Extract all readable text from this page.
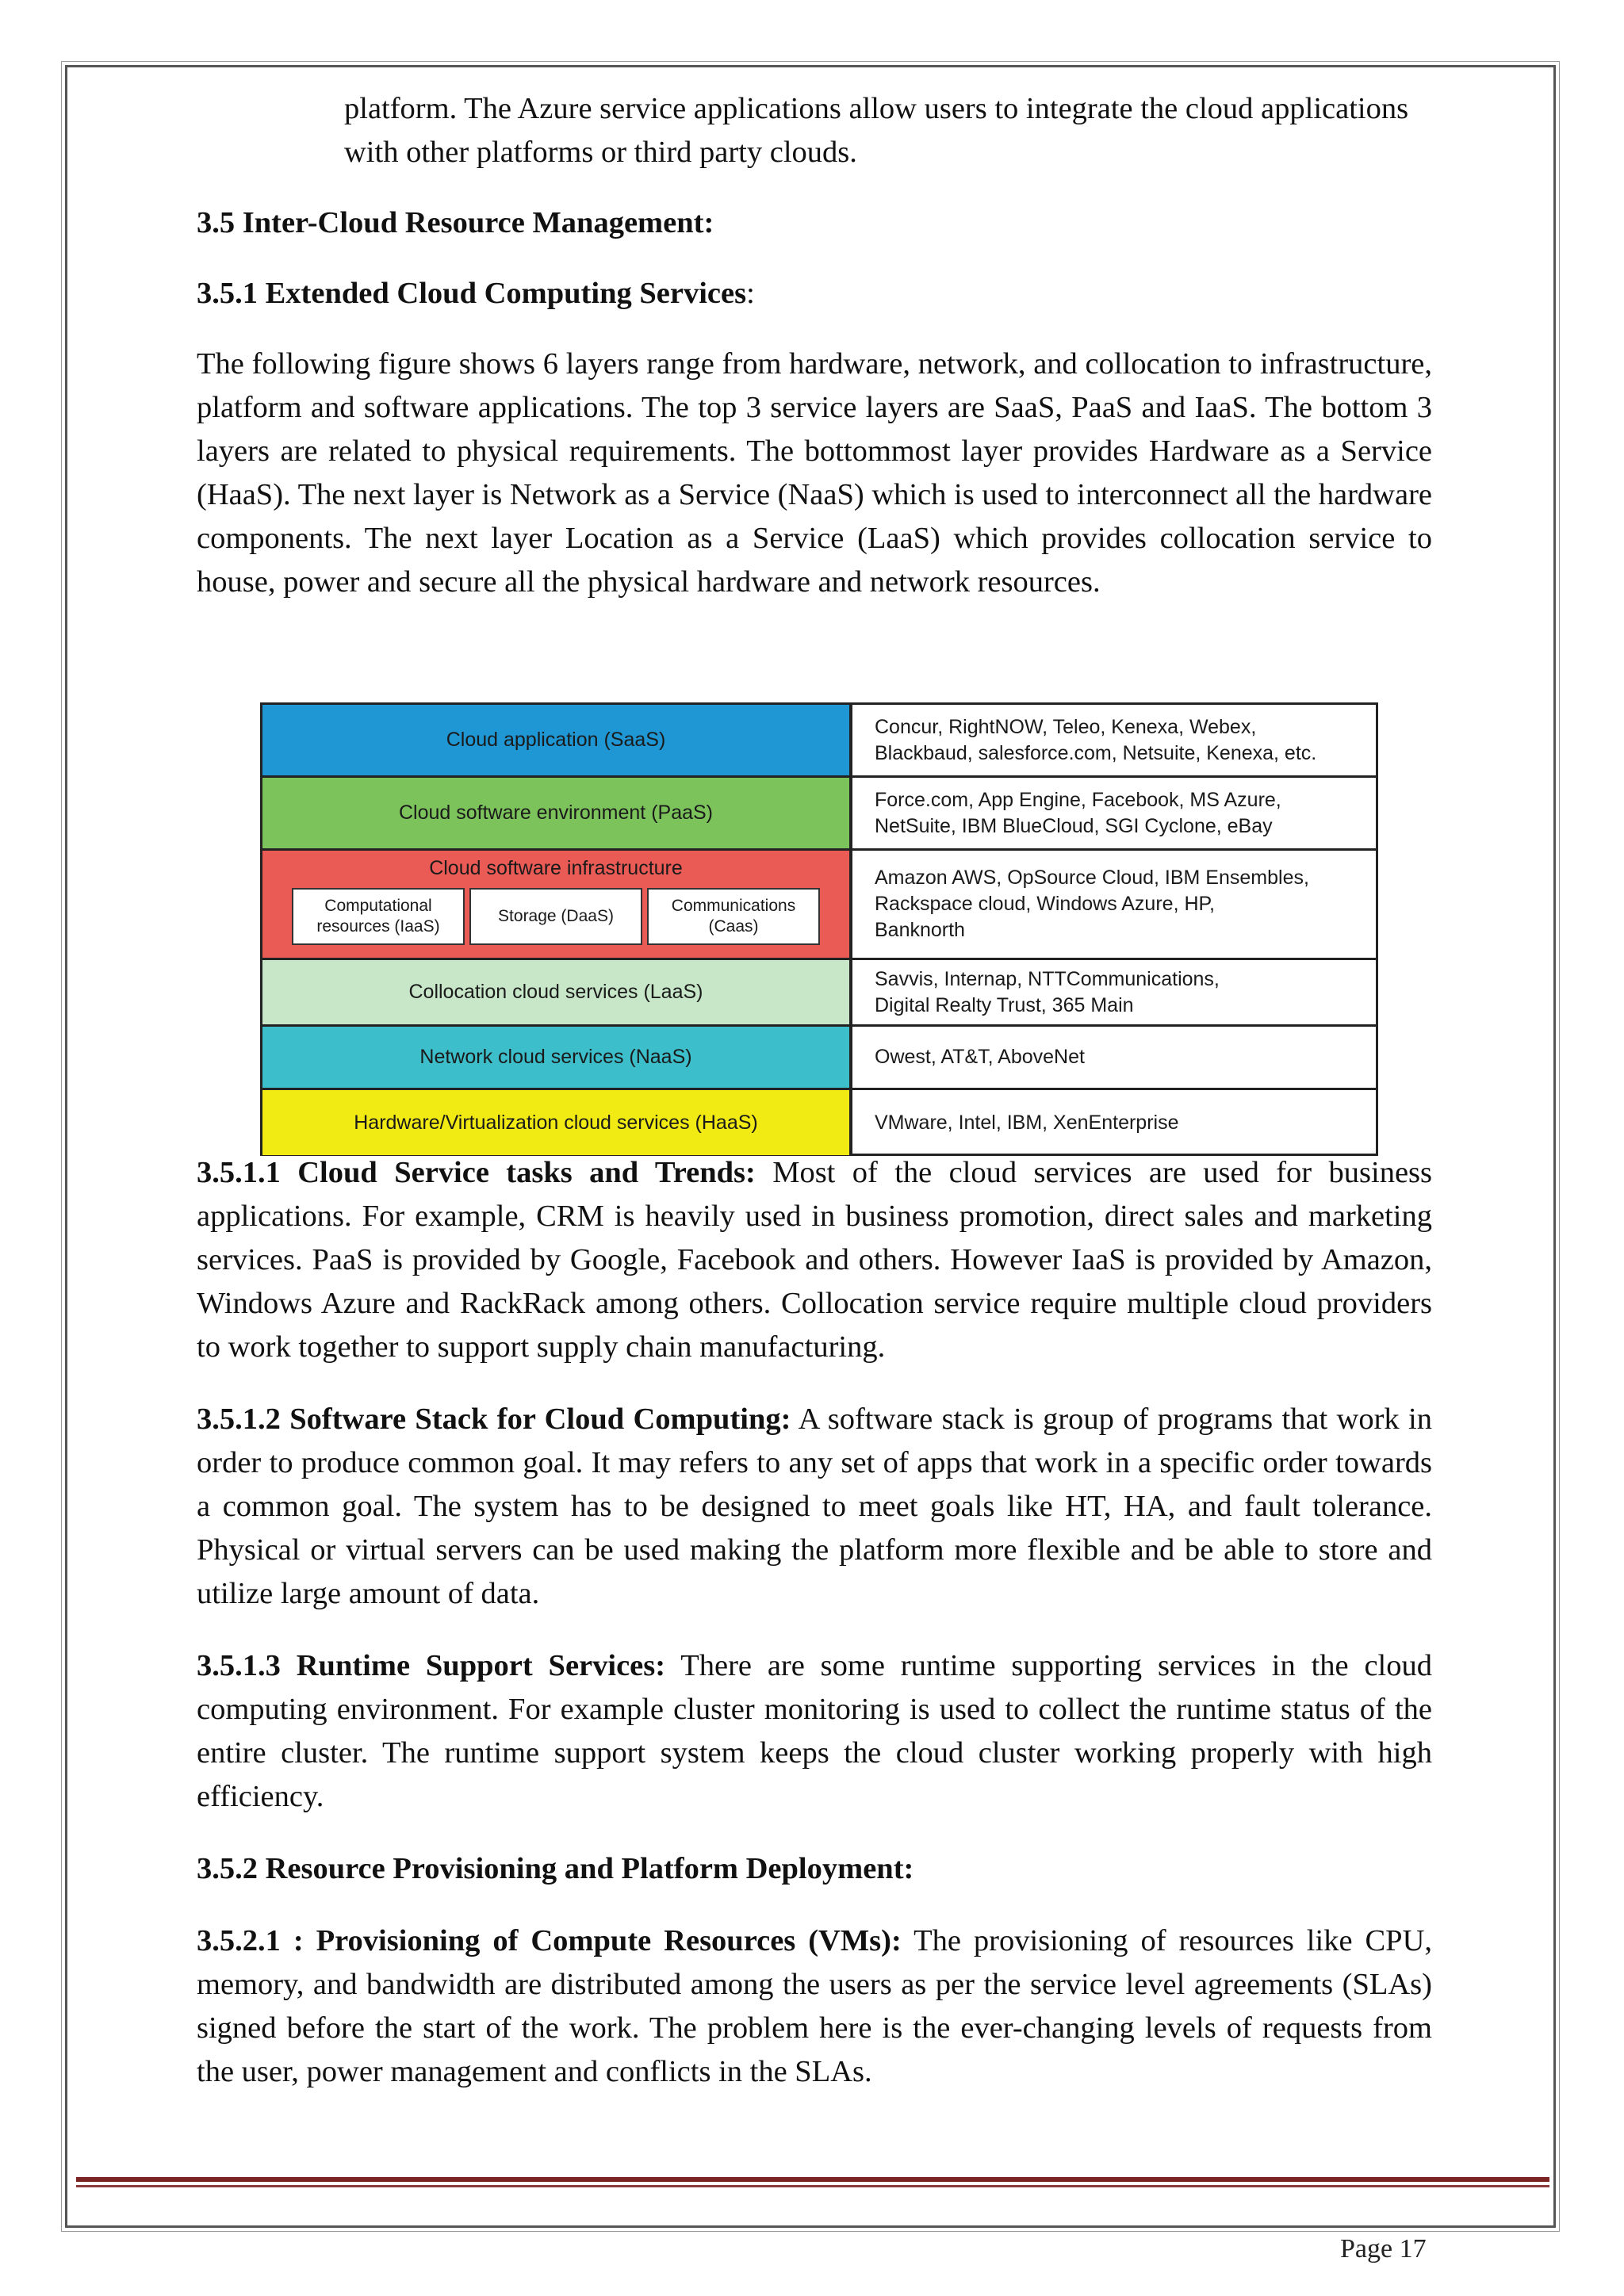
platform. The Azure service applications allow users to integrate the cloud applications with other platforms or third party clouds.

3.5 Inter-Cloud Resource Management:

3.5.1 Extended Cloud Computing Services:

The following figure shows 6 layers range from hardware, network, and collocation to infrastructure, platform and software applications. The top 3 service layers are SaaS, PaaS and IaaS. The bottom 3 layers are related to physical requirements. The bottommost layer provides Hardware as a Service (HaaS). The next layer is Network as a Service (NaaS) which is used to interconnect all the hardware components. The next layer Location as a Service (LaaS) which provides collocation service to house, power and secure all the physical hardware and network resources.

3.5.1.1 Cloud Service tasks and Trends: Most of the cloud services are used for business applications. For example, CRM is heavily used in business promotion, direct sales and marketing services. PaaS is provided by Google, Facebook and others. However IaaS is provided by Amazon, Windows Azure and RackRack among others. Collocation service require multiple cloud providers to work together to support supply chain manufacturing.

3.5.1.2 Software Stack for Cloud Computing: A software stack is group of programs that work in order to produce common goal. It may refers to any set of apps that work in a specific order towards a common goal. The system has to be designed to meet goals like HT, HA, and fault tolerance. Physical or virtual servers can be used making the platform more flexible and be able to store and utilize large amount of data.

3.5.1.3 Runtime Support Services: There are some runtime supporting services in the cloud computing environment. For example cluster monitoring is used to collect the runtime status of the entire cluster. The runtime support system keeps the cloud cluster working properly with high efficiency.

3.5.2 Resource Provisioning and Platform Deployment:

3.5.2.1 : Provisioning of Compute Resources (VMs): The provisioning of resources like CPU, memory, and bandwidth are distributed among the users as per the service level agreements (SLAs) signed before the start of the work. The problem here is the ever-changing levels of requests from the user, power management and conflicts in the SLAs.

Cloud application (SaaS)
Concur, RightNOW, Teleo, Kenexa, Webex,
Blackbaud, salesforce.com, Netsuite, Kenexa, etc.
Cloud software environment (PaaS)
Force.com, App Engine, Facebook, MS Azure,
NetSuite, IBM BlueCloud, SGI Cyclone, eBay
Cloud software infrastructure
Computational
resources (IaaS)
Storage (DaaS)
Communications
(Caas)
Amazon AWS, OpSource Cloud, IBM Ensembles,
Rackspace cloud, Windows Azure, HP,
Banknorth
Collocation cloud services (LaaS)
Savvis, Internap, NTTCommunications,
Digital Realty Trust, 365 Main
Network cloud services (NaaS)	Owest, AT&T, AboveNet
Hardware/Virtualization cloud services (HaaS)	VMware, Intel, IBM, XenEnterprise
Page 17
